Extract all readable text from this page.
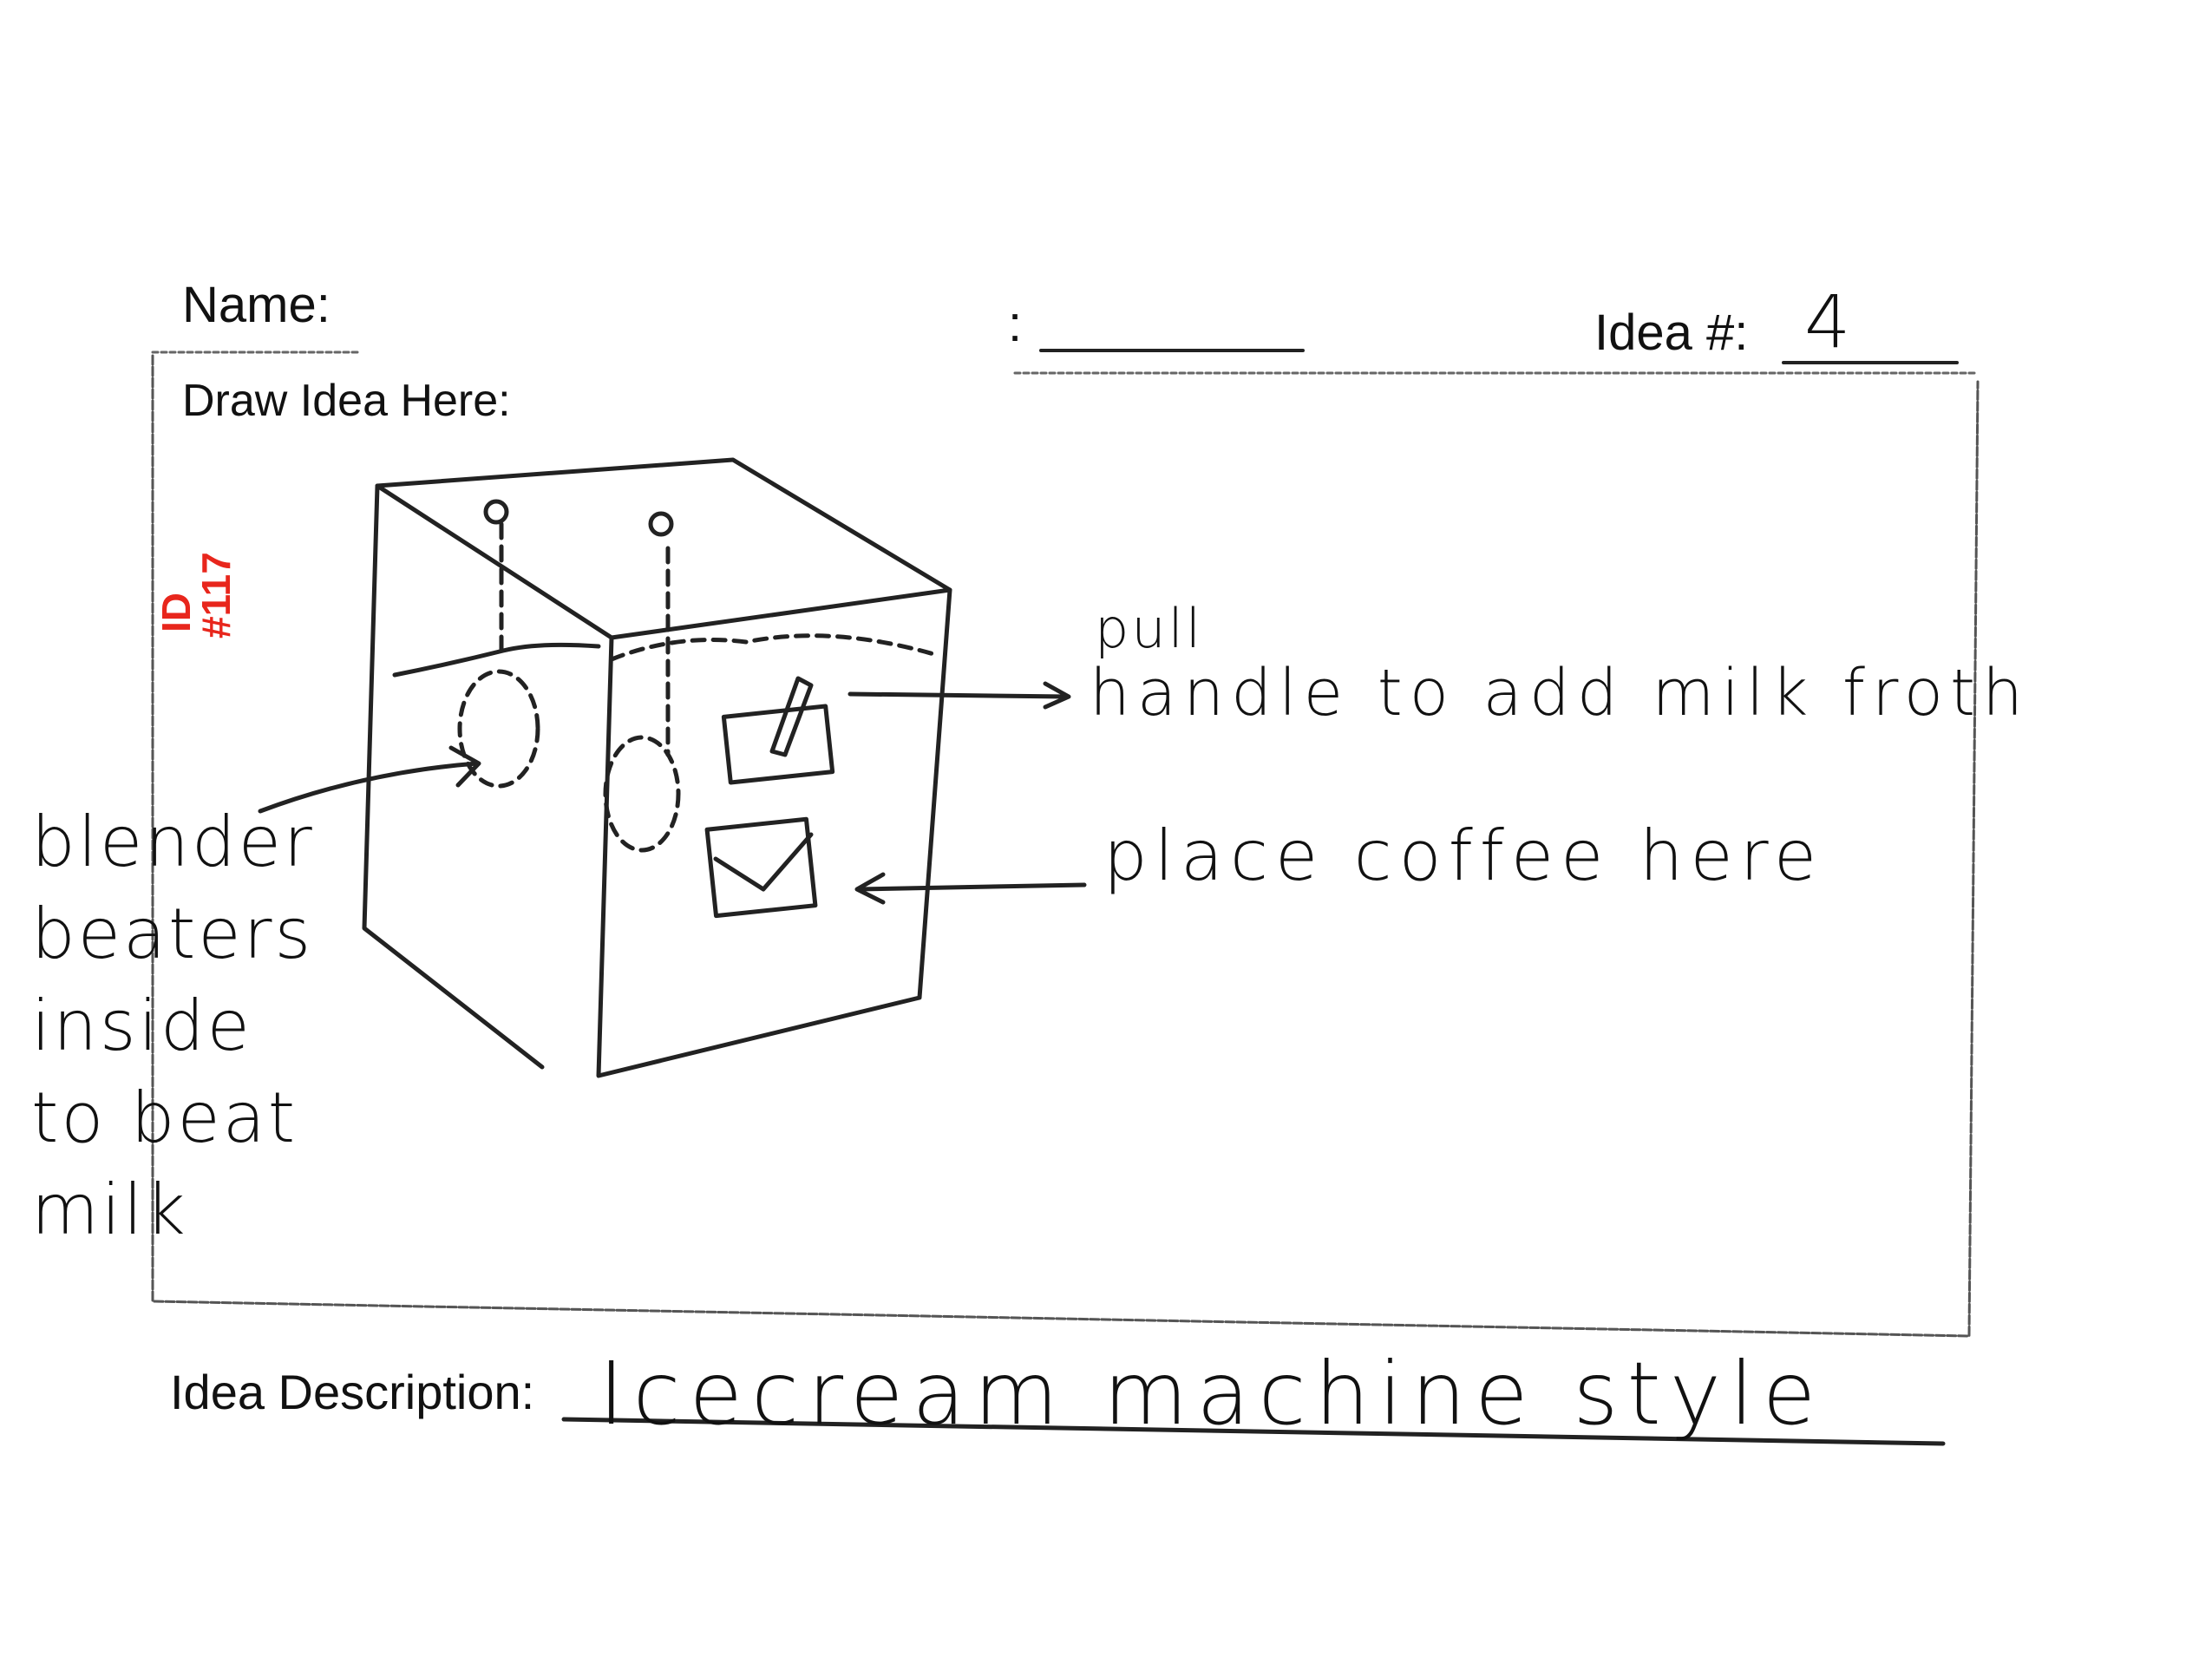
Name:	:	Idea #:
Draw Idea Here:
Idea Description:
ID
#117
4
pull
handle to add milk froth
place coffee here
blender
beaters
inside
to beat
milk
Icecream machine style
